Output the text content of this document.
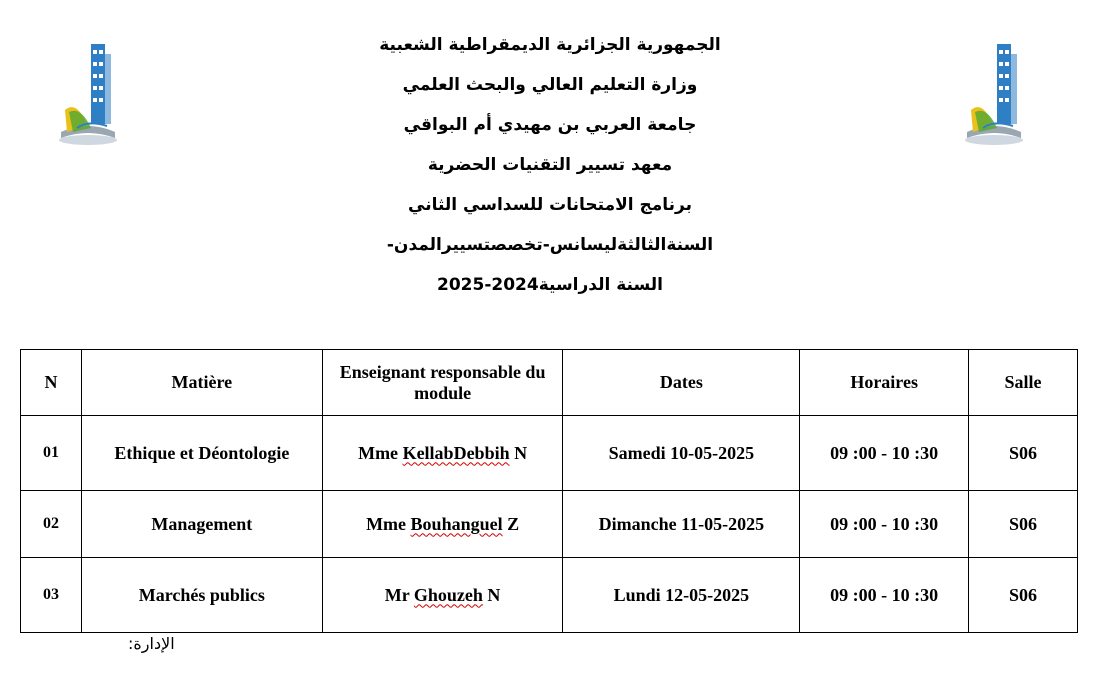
الجمهورية الجزائرية الديمقراطية الشعبية
وزارة التعليم العالي والبحث العلمي
جامعة العربي بن مهيدي أم البواقي
معهد تسيير التقنيات الحضرية
برنامج الامتحانات للسداسي الثاني
السنةالثالثةليسانس-تخصصتسييرالمدن-
السنة الدراسية2024-2025
N	Matière	Enseignant responsable du module	Dates	Horaires	Salle
01	Ethique et Déontologie	Mme KellabDebbih N	Samedi 10-05-2025	09 :00 - 10 :30	S06
02	Management	Mme Bouhanguel Z	Dimanche 11-05-2025	09 :00 - 10 :30	S06
03	Marchés publics	Mr Ghouzeh N	Lundi 12-05-2025	09 :00 - 10 :30	S06
الإدارة:
